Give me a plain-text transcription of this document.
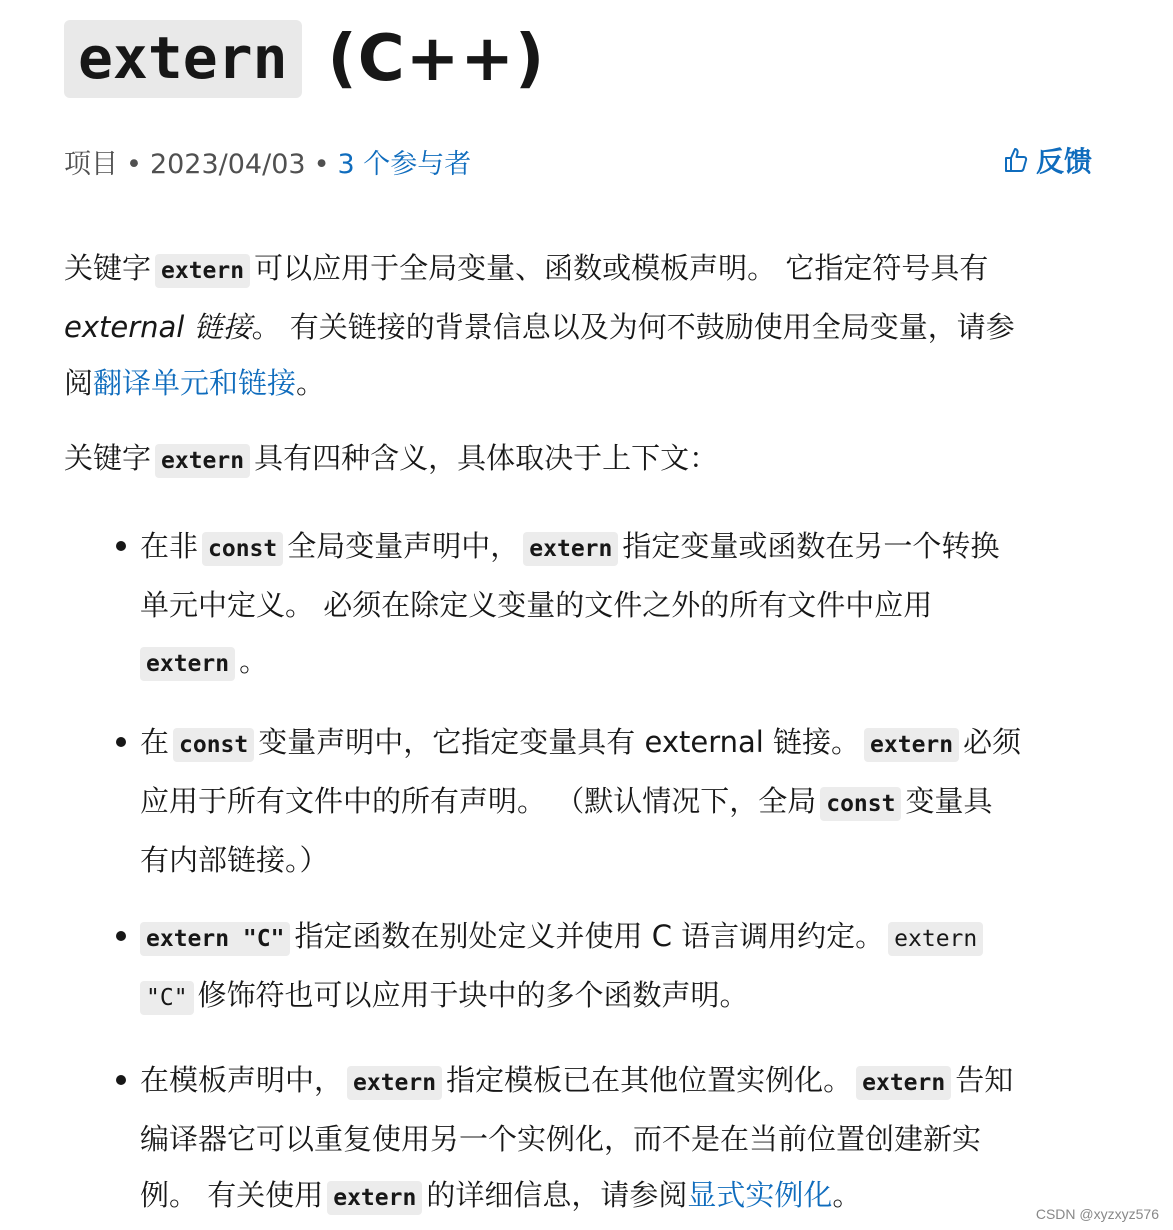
extern (C++)
项目 • 2023/04/03 • 3 个参与者	反馈
关键字 extern 可以应用于全局变量、函数或模板声明。 它指定符号具有
external 链接。 有关链接的背景信息以及为何不鼓励使用全局变量，请参
阅翻译单元和链接。
关键字 extern 具有四种含义，具体取决于上下文：
在非 const 全局变量声明中， extern 指定变量或函数在另一个转换
单元中定义。 必须在除定义变量的文件之外的所有文件中应用
extern 。
在 const 变量声明中，它指定变量具有 external 链接。 extern 必须
应用于所有文件中的所有声明。 （默认情况下，全局 const 变量具
有内部链接。）
extern "C" 指定函数在别处定义并使用 C 语言调用约定。 extern
"C" 修饰符也可以应用于块中的多个函数声明。
在模板声明中， extern 指定模板已在其他位置实例化。 extern 告知
编译器它可以重复使用另一个实例化，而不是在当前位置创建新实
例。 有关使用 extern 的详细信息，请参阅显式实例化。
CSDN @xyzxyz576
